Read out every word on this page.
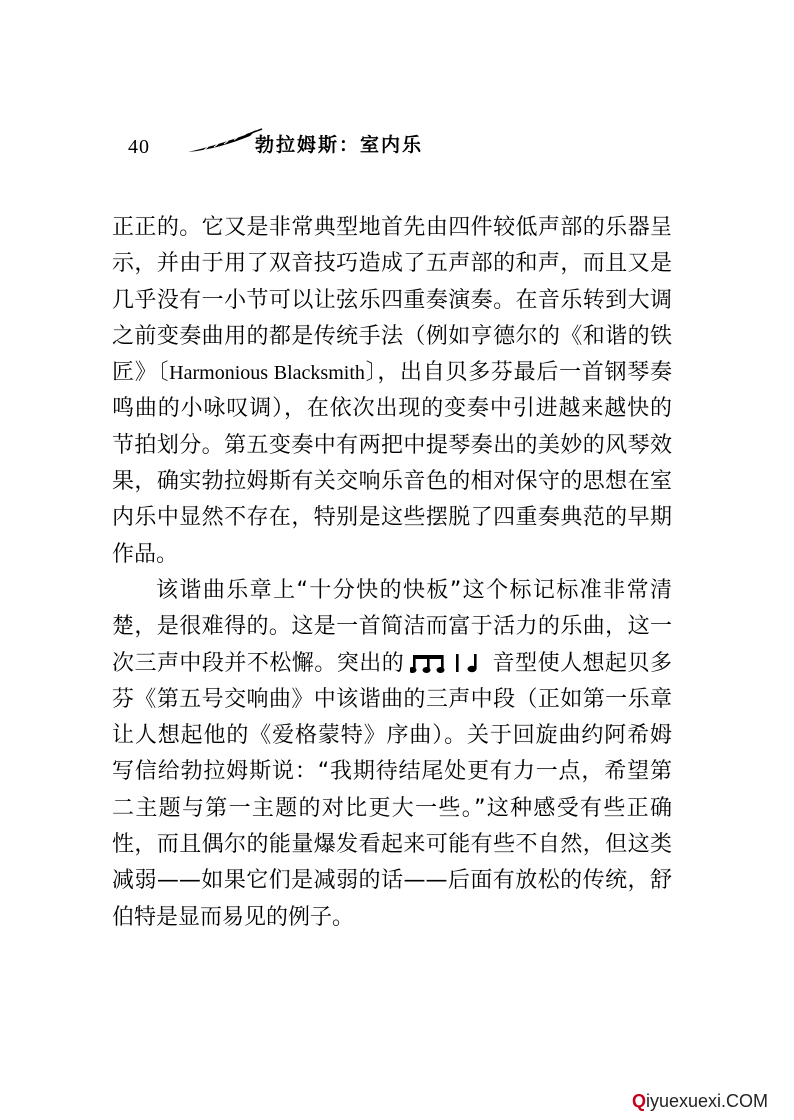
40	勃拉姆斯：室内乐

正正的。它又是非常典型地首先由四件较低声部的乐器呈示，并由于用了双音技巧造成了五声部的和声，而且又是几乎没有一小节可以让弦乐四重奏演奏。在音乐转到大调之前变奏曲用的都是传统手法（例如亨德尔的《和谐的铁匠》〔Harmonious Blacksmith〕，出自贝多芬最后一首钢琴奏鸣曲的小咏叹调），在依次出现的变奏中引进越来越快的节拍划分。第五变奏中有两把中提琴奏出的美妙的风琴效果，确实勃拉姆斯有关交响乐音色的相对保守的思想在室内乐中显然不存在，特别是这些摆脱了四重奏典范的早期作品。

该谐曲乐章上“十分快的快板”这个标记标准非常清楚，是很难得的。这是一首简洁而富于活力的乐曲，这一次三声中段并不松懈。突出的	音型使人想起贝多芬《第五号交响曲》中该谐曲的三声中段（正如第一乐章让人想起他的《爱格蒙特》序曲）。关于回旋曲约阿希姆写信给勃拉姆斯说：“我期待结尾处更有力一点，希望第二主题与第一主题的对比更大一些。”这种感受有些正确性，而且偶尔的能量爆发看起来可能有些不自然，但这类减弱——如果它们是减弱的话——后面有放松的传统，舒伯特是显而易见的例子。

Q iyuexuexi .COM
